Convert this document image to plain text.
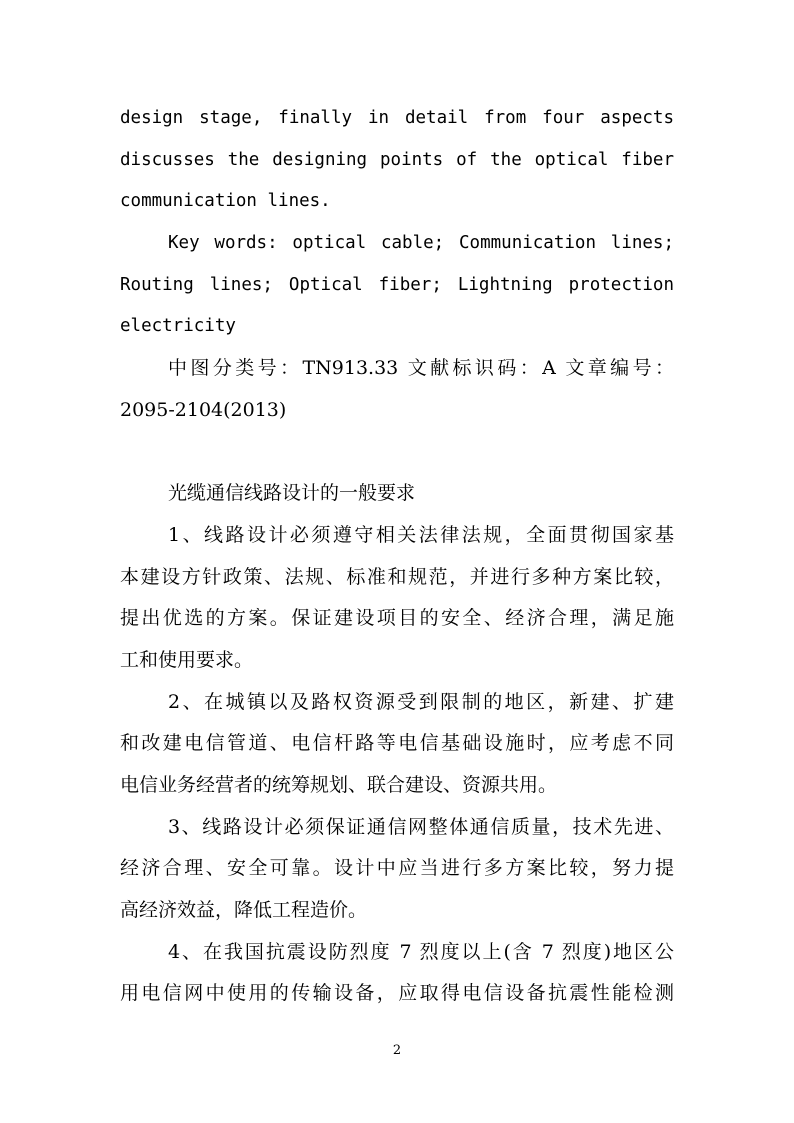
design stage, finally in detail from four aspects

discusses the designing points of the optical fiber

communication lines.

Key words: optical cable; Communication lines;

Routing lines; Optical fiber; Lightning protection

electricity

中图分类号：TN913.33 文献标识码：A 文章编号：

2095-2104(2013)

光缆通信线路设计的一般要求

1、线路设计必须遵守相关法律法规，全面贯彻国家基

本建设方针政策、法规、标准和规范，并进行多种方案比较，

提出优选的方案。保证建设项目的安全、经济合理，满足施

工和使用要求。

2、在城镇以及路权资源受到限制的地区，新建、扩建

和改建电信管道、电信杆路等电信基础设施时，应考虑不同

电信业务经营者的统筹规划、联合建设、资源共用。

3、线路设计必须保证通信网整体通信质量，技术先进、

经济合理、安全可靠。设计中应当进行多方案比较，努力提

高经济效益，降低工程造价。

4、在我国抗震设防烈度 7 烈度以上(含 7 烈度)地区公

用电信网中使用的传输设备，应取得电信设备抗震性能检测

2
